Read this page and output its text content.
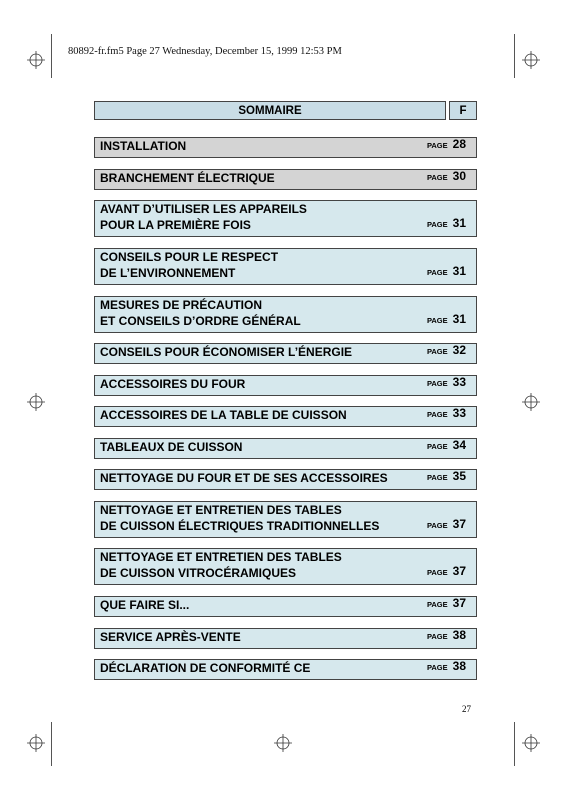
80892-fr.fm5 Page 27 Wednesday, December 15, 1999 12:53 PM
SOMMAIRE	F
INSTALLATION	PAGE 28
BRANCHEMENT ÉLECTRIQUE	PAGE 30
AVANT D’UTILISER LES APPAREILS
POUR LA PREMIÈRE FOIS	PAGE 31
CONSEILS POUR LE RESPECT
DE L’ENVIRONNEMENT	PAGE 31
MESURES DE PRÉCAUTION
ET CONSEILS D’ORDRE GÉNÉRAL	PAGE 31
CONSEILS POUR ÉCONOMISER L’ÉNERGIE	PAGE 32
ACCESSOIRES DU FOUR	PAGE 33
ACCESSOIRES DE LA TABLE DE CUISSON	PAGE 33
TABLEAUX DE CUISSON	PAGE 34
NETTOYAGE DU FOUR ET DE SES ACCESSOIRES	PAGE 35
NETTOYAGE ET ENTRETIEN DES TABLES
DE CUISSON ÉLECTRIQUES TRADITIONNELLES	PAGE 37
NETTOYAGE ET ENTRETIEN DES TABLES
DE CUISSON VITROCÉRAMIQUES	PAGE 37
QUE FAIRE SI...	PAGE 37
SERVICE APRÈS-VENTE	PAGE 38
DÉCLARATION DE CONFORMITÉ CE	PAGE 38
27
